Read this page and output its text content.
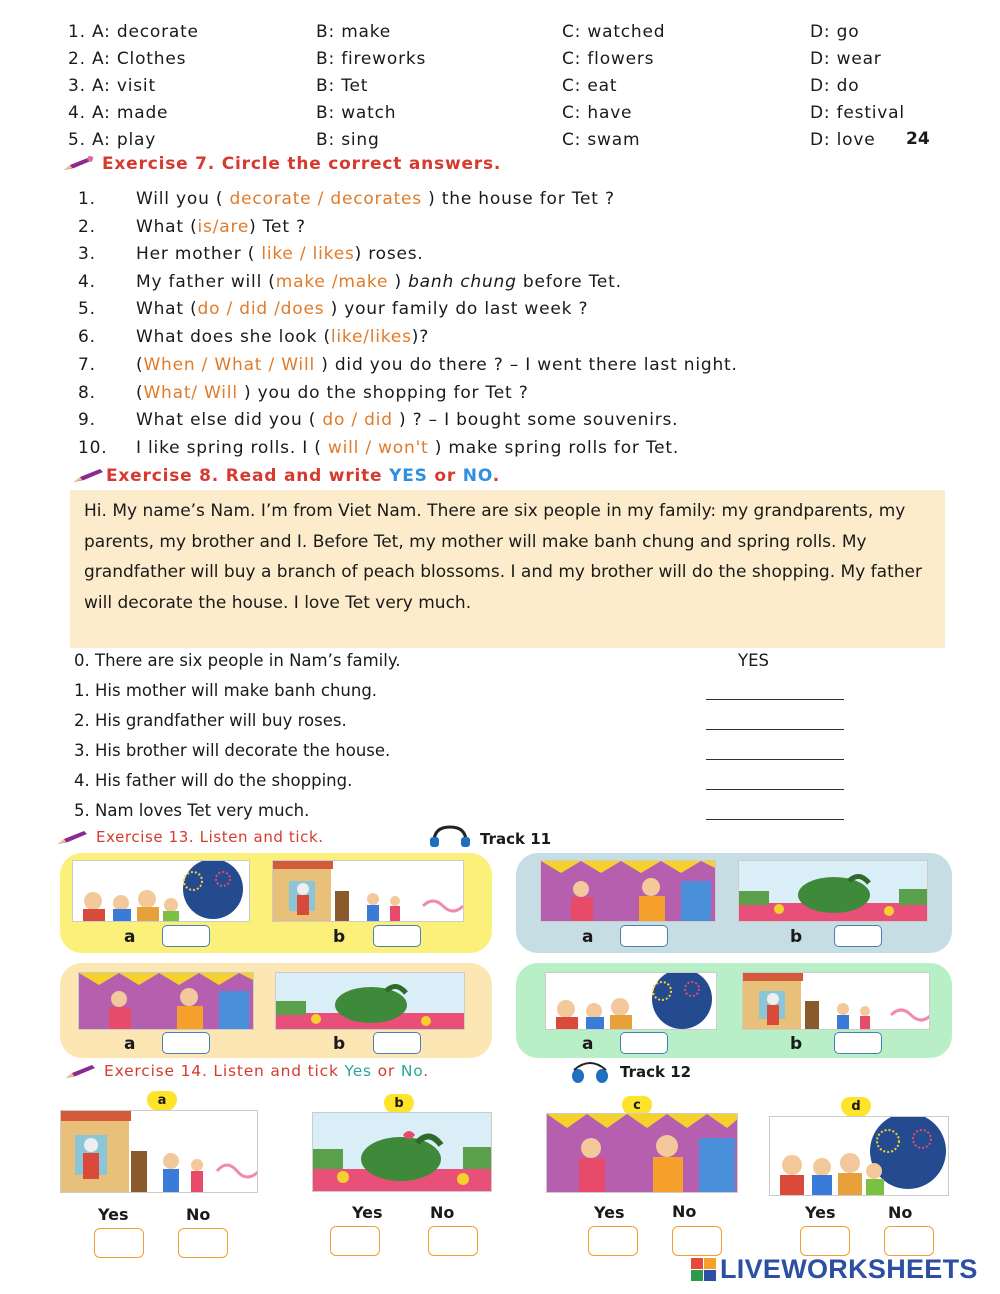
1. A: decorate	B: make	C: watched	D: go
2. A: Clothes	B: fireworks	C: flowers	D: wear
3. A: visit	B: Tet	C: eat	D: do
4. A: made	B: watch	C: have	D: festival
5. A: play	B: sing	C: swam	D: love 24
Exercise 7. Circle the correct answers.
1. Will you ( decorate / decorates ) the house for Tet ?
2. What (is/are) Tet ?
3. Her mother ( like / likes) roses.
4. My father will (make /make ) banh chung before Tet.
5. What (do / did /does ) your family do last week ?
6. What does she look (like/likes)?
7. (When / What / Will ) did you do there ? – I went there last night.
8. (What/ Will ) you do the shopping for Tet ?
9. What else did you ( do / did ) ? – I bought some souvenirs.
10. I like spring rolls. I ( will / won't ) make spring rolls for Tet.
Exercise 8. Read and write YES or NO.
Hi. My name’s Nam. I’m from Viet Nam. There are six people in my family: my grandparents, my parents, my brother and I. Before Tet, my mother will make banh chung and spring rolls. My grandfather will buy a branch of peach blossoms. I and my brother will do the shopping. My father will decorate the house. I love Tet very much.
0. There are six people in Nam’s family.	YES
1. His mother will make banh chung.
2. His grandfather will buy roses.
3. His brother will decorate the house.
4. His father will do the shopping.
5. Nam loves Tet very much.
Exercise 13. Listen and tick.	Track 11
a	b	a	b
a	b	a	b
Exercise 14. Listen and tick Yes or No.	Track 12
a	b	c	d
Yes	No	Yes	No	Yes	No	Yes	No
LIVEWORKSHEETS
